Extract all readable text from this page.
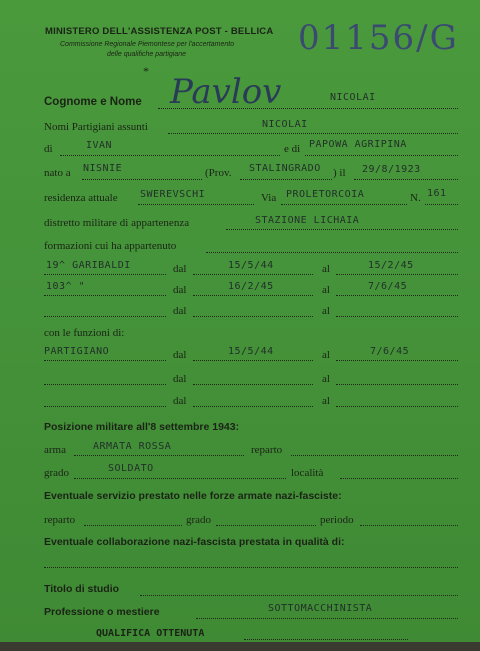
MINISTERO DELL'ASSISTENZA POST - BELLICA
Commissione Regionale Piemontese per l'accertamento
delle qualifiche partigiane	01156/G
*
Cognome e Nome Pavlov	NICOLAI
Nomi Partigiani assunti	NICOLAI
di	IVAN	e di PAPOWA AGRIPINA
nato a NISNIE	(Prov. STALINGRADO ) il 29/8/1923
residenza attuale SWEREVSCHI	Via PROLETORCOIA	N. 161
distretto militare di appartenenza	STAZIONE LICHAIA
formazioni cui ha appartenuto
19^ GARIBALDI	dal	15/5/44	al	15/2/45
103^ "	dal	16/2/45	al	7/6/45
dal	al
con le funzioni di:
PARTIGIANO	dal	15/5/44	al	7/6/45
dal	al
dal	al
Posizione militare all'8 settembre 1943:
arma	ARMATA ROSSA	reparto
grado	SOLDATO	località
Eventuale servizio prestato nelle forze armate nazi-fasciste:
reparto	grado	periodo
Eventuale collaborazione nazi-fascista prestata in qualità di:
Titolo di studio
Professione o mestiere	SOTTOMACCHINISTA
QUALIFICA OTTENUTA
